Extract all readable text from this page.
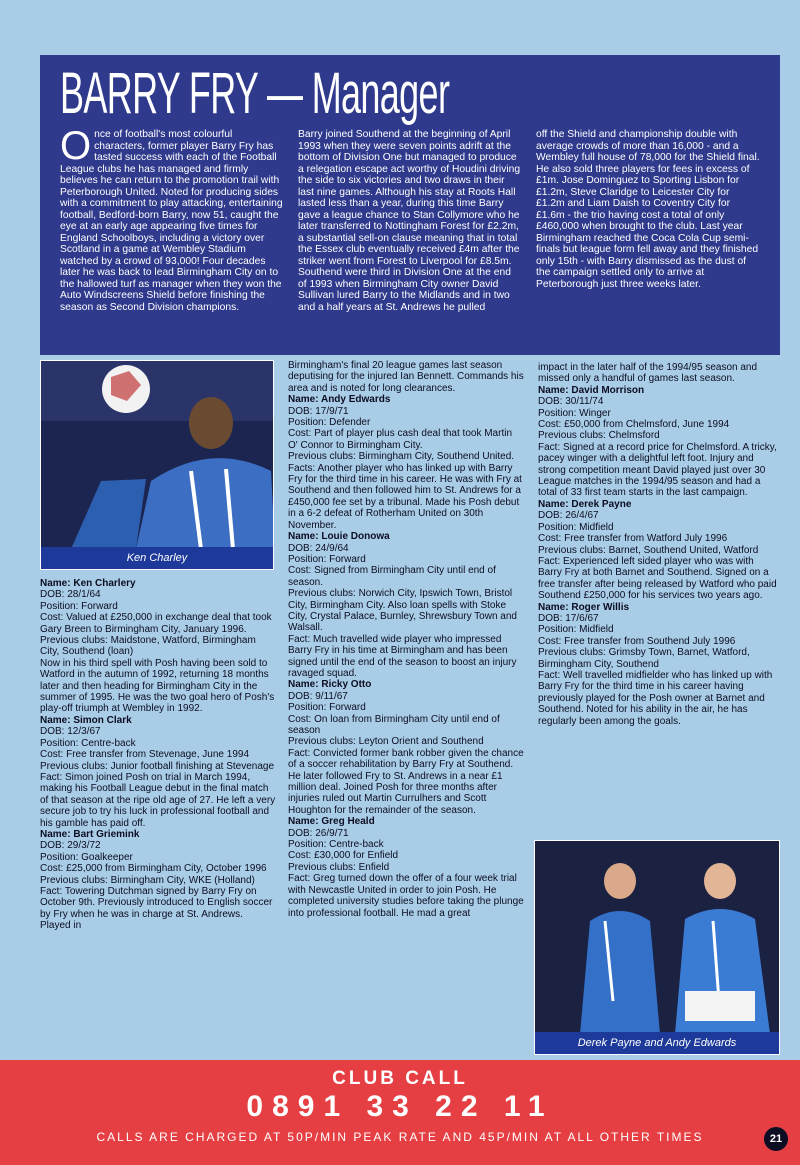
BARRY FRY — Manager
Once of football's most colourful characters, former player Barry Fry has tasted success with each of the Football League clubs he has managed and firmly believes he can return to the promotion trail with Peterborough United. Noted for producing sides with a commitment to play attacking, entertaining football, Bedford-born Barry, now 51, caught the eye at an early age appearing five times for England Schoolboys, including a victory over Scotland in a game at Wembley Stadium watched by a crowd of 93,000! Four decades later he was back to lead Birmingham City on to the hallowed turf as manager when they won the Auto Windscreens Shield before finishing the season as Second Division champions.
Barry joined Southend at the beginning of April 1993 when they were seven points adrift at the bottom of Division One but managed to produce a relegation escape act worthy of Houdini driving the side to six victories and two draws in their last nine games. Although his stay at Roots Hall lasted less than a year, during this time Barry gave a league chance to Stan Collymore who he later transferred to Nottingham Forest for £2.2m, a substantial sell-on clause meaning that in total the Essex club eventually received £4m after the striker went from Forest to Liverpool for £8.5m. Southend were third in Division One at the end of 1993 when Birmingham City owner David Sullivan lured Barry to the Midlands and in two and a half years at St. Andrews he pulled

off the Shield and championship double with average crowds of more than 16,000 - and a Wembley full house of 78,000 for the Shield final.

He also sold three players for fees in excess of £1m. Jose Dominguez to Sporting Lisbon for £1.2m, Steve Claridge to Leicester City for £1.2m and Liam Daish to Coventry City for £1.6m - the trio having cost a total of only £460,000 when brought to the club. Last year Birmingham reached the Coca Cola Cup semi-finals but league form fell away and they finished only 15th - with Barry dismissed as the dust of the campaign settled only to arrive at Peterborough just three weeks later.

Ken Charley

Name: Ken Charlery

DOB: 28/1/64

Position: Forward

Cost: Valued at £250,000 in exchange deal that took Gary Breen to Birmingham City, January 1996.

Previous clubs: Maidstone, Watford, Birmingham City, Southend (loan)

Now in his third spell with Posh having been sold to Watford in the autumn of 1992, returning 18 months later and then heading for Birmingham City in the summer of 1995. He was the two goal hero of Posh's play-off triumph at Wembley in 1992.

Name: Simon Clark

DOB: 12/3/67

Position: Centre-back

Cost: Free transfer from Stevenage, June 1994

Previous clubs: Junior football finishing at Stevenage

Fact: Simon joined Posh on trial in March 1994, making his Football League debut in the final match of that season at the ripe old age of 27. He left a very secure job to try his luck in professional football and his gamble has paid off.

Name: Bart Griemink

DOB: 29/3/72

Position: Goalkeeper

Cost: £25,000 from Birmingham City, October 1996

Previous clubs: Birmingham City, WKE (Holland)

Fact: Towering Dutchman signed by Barry Fry on October 9th. Previously introduced to English soccer by Fry when he was in charge at St. Andrews. Played in

Birmingham's final 20 league games last season deputising for the injured Ian Bennett. Commands his area and is noted for long clearances.

Name: Andy Edwards

DOB: 17/9/71

Position: Defender

Cost: Part of player plus cash deal that took Martin O' Connor to Birmingham City.

Previous clubs: Birmingham City, Southend United.

Facts: Another player who has linked up with Barry Fry for the third time in his career. He was with Fry at Southend and then followed him to St. Andrews for a £450,000 fee set by a tribunal. Made his Posh debut in a 6-2 defeat of Rotherham United on 30th November.

Name: Louie Donowa

DOB: 24/9/64

Position: Forward

Cost: Signed from Birmingham City until end of season.

Previous clubs: Norwich City, Ipswich Town, Bristol City, Birmingham City. Also loan spells with Stoke City, Crystal Palace, Burnley, Shrewsbury Town and Walsall.

Fact: Much travelled wide player who impressed Barry Fry in his time at Birmingham and has been signed until the end of the season to boost an injury ravaged squad.

Name: Ricky Otto

DOB: 9/11/67

Position: Forward

Cost: On loan from Birmingham City until end of season

Previous clubs: Leyton Orient and Southend

Fact: Convicted former bank robber given the chance of a soccer rehabilitation by Barry Fry at Southend. He later followed Fry to St. Andrews in a near £1 million deal. Joined Posh for three months after injuries ruled out Martin Currulhers and Scott Houghton for the remainder of the season.

Name: Greg Heald

DOB: 26/9/71

Position: Centre-back

Cost: £30,000 for Enfield

Previous clubs: Enfield

Fact: Greg turned down the offer of a four week trial with Newcastle United in order to join Posh. He completed university studies before taking the plunge into professional football. He mad a great

impact in the later half of the 1994/95 season and missed only a handful of games last season.

Name: David Morrison

DOB: 30/11/74

Position: Winger

Cost: £50,000 from Chelmsford, June 1994

Previous clubs: Chelmsford

Fact: Signed at a record price for Chelmsford. A tricky, pacey winger with a delightful left foot. Injury and strong competition meant David played just over 30 League matches in the 1994/95 season and had a total of 33 first team starts in the last campaign.

Name: Derek Payne

DOB: 26/4/67

Position: Midfield

Cost: Free transfer from Watford July 1996

Previous clubs: Barnet, Southend United, Watford

Fact: Experienced left sided player who was with Barry Fry at both Barnet and Southend. Signed on a free transfer after being released by Watford who paid Southend £250,000 for his services two years ago.

Name: Roger Willis

DOB: 17/6/67

Position: Midfield

Cost: Free transfer from Southend July 1996

Previous clubs: Grimsby Town, Barnet, Watford, Birmingham City, Southend

Fact: Well travelled midfielder who has linked up with Barry Fry for the third time in his career having previously played for the Posh owner at Barnet and Southend. Noted for his ability in the air, he has regularly been among the goals.

Derek Payne and Andy Edwards
CLUB CALL
0891 33 22 11
CALLS ARE CHARGED AT 50P/MIN PEAK RATE AND 45P/MIN AT ALL OTHER TIMES	21
